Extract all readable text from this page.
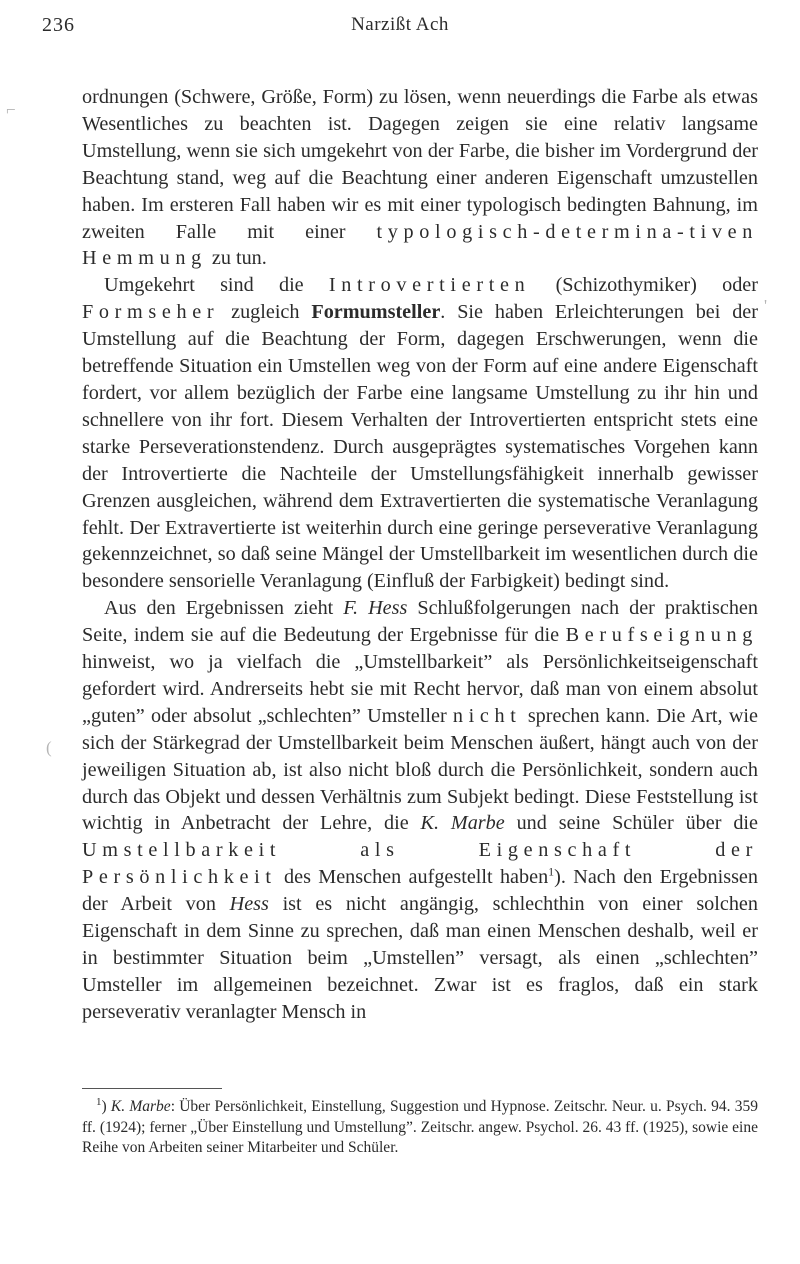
236	Narzißt Ach
⌐
'
(

ordnungen (Schwere, Größe, Form) zu lösen, wenn neuerdings die Farbe als etwas Wesentliches zu beachten ist. Dagegen zeigen sie eine relativ langsame Umstellung, wenn sie sich umgekehrt von der Farbe, die bisher im Vordergrund der Beachtung stand, weg auf die Beachtung einer anderen Eigenschaft umzustellen haben. Im ersteren Fall haben wir es mit einer typologisch bedingten Bahnung, im zweiten Falle mit einer typologisch-determina-tiven Hemmung zu tun.

Umgekehrt sind die Introvertierten (Schizothymiker) oder Formseher zugleich Formumsteller. Sie haben Erleichterungen bei der Umstellung auf die Beachtung der Form, dagegen Erschwerungen, wenn die betreffende Situation ein Umstellen weg von der Form auf eine andere Eigenschaft fordert, vor allem bezüglich der Farbe eine langsame Umstellung zu ihr hin und schnellere von ihr fort. Diesem Verhalten der Introvertierten entspricht stets eine starke Perseverationstendenz. Durch ausgeprägtes systematisches Vorgehen kann der Introvertierte die Nachteile der Umstellungsfähigkeit innerhalb gewisser Grenzen ausgleichen, während dem Extravertierten die systematische Veranlagung fehlt. Der Extravertierte ist weiterhin durch eine geringe perseverative Veranlagung gekennzeichnet, so daß seine Mängel der Umstellbarkeit im wesentlichen durch die besondere sensorielle Veranlagung (Einfluß der Farbigkeit) bedingt sind.

Aus den Ergebnissen zieht F. Hess Schlußfolgerungen nach der praktischen Seite, indem sie auf die Bedeutung der Ergebnisse für die Berufseignung hinweist, wo ja vielfach die „Umstellbarkeit” als Persönlichkeitseigenschaft gefordert wird. Andrerseits hebt sie mit Recht hervor, daß man von einem absolut „guten” oder absolut „schlechten” Umsteller nicht sprechen kann. Die Art, wie sich der Stärkegrad der Umstellbarkeit beim Menschen äußert, hängt auch von der jeweiligen Situation ab, ist also nicht bloß durch die Persönlichkeit, sondern auch durch das Objekt und dessen Verhältnis zum Subjekt bedingt. Diese Feststellung ist wichtig in Anbetracht der Lehre, die K. Marbe und seine Schüler über die Umstellbarkeit als Eigenschaft der Persönlichkeit des Menschen aufgestellt haben$^1$). Nach den Ergebnissen der Arbeit von Hess ist es nicht angängig, schlechthin von einer solchen Eigenschaft in dem Sinne zu sprechen, daß man einen Menschen deshalb, weil er in bestimmter Situation beim „Umstellen” versagt, als einen „schlechten” Umsteller im allgemeinen bezeichnet. Zwar ist es fraglos, daß ein stark perseverativ veranlagter Mensch in

$^1$) K. Marbe: Über Persönlichkeit, Einstellung, Suggestion und Hypnose. Zeitschr. Neur. u. Psych. 94. 359 ff. (1924); ferner „Über Einstellung und Umstellung”. Zeitschr. angew. Psychol. 26. 43 ff. (1925), sowie eine Reihe von Arbeiten seiner Mitarbeiter und Schüler.
